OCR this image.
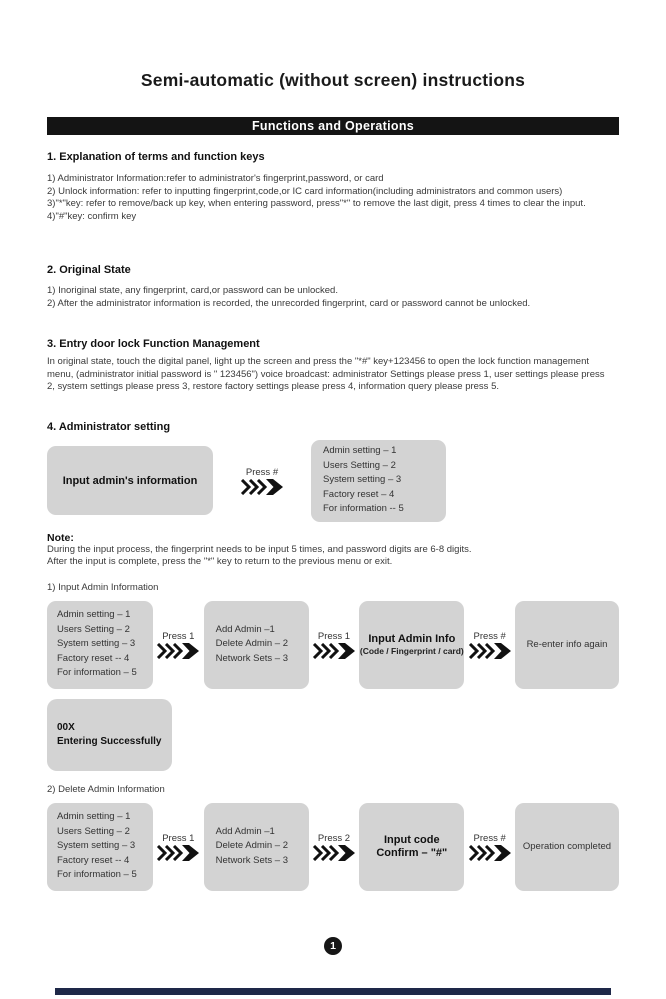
Semi-automatic (without screen) instructions
Functions and Operations
1. Explanation of terms and function keys
1) Administrator Information:refer to administrator's fingerprint,password, or card
2) Unlock information: refer to inputting fingerprint,code,or IC card information(including administrators and common users)
3)"*"key: refer to remove/back up key, when entering password, press"*" to remove the last digit, press 4 times to clear the input.
4)"#"key: confirm key
2. Original State
1) Inoriginal state, any fingerprint, card,or password can be unlocked.
2) After the administrator information is recorded, the unrecorded fingerprint, card or password cannot be unlocked.
3. Entry door lock Function Management
In original state, touch the digital panel, light up the screen and press the "*#" key+123456 to open the lock function management
menu, (administrator initial password is " 123456") voice broadcast: administrator Settings please press 1, user settings please press
2, system settings please press 3, restore factory settings please press 4, information query please press 5.
4. Administrator setting
Input admin's information
Press #
Admin setting – 1
Users Setting – 2
System setting – 3
Factory reset – 4
For information -- 5
Note:
During the input process, the fingerprint needs to be input 5 times, and password digits are 6-8 digits.
After the input is complete, press the "*" key to return to the previous menu or exit.
1) Input Admin Information
Admin setting – 1
Users Setting – 2
System setting – 3
Factory reset -- 4
For information – 5
Press 1
Add Admin –1
Delete Admin – 2
Network Sets – 3
Press 1 Input Admin Info
(Code / Fingerprint / card)
Press #
Re-enter info again
00X
Entering Successfully
2) Delete Admin Information
Admin setting – 1
Users Setting – 2
System setting – 3
Factory reset -- 4
For information – 5
Press 1
Add Admin –1
Delete Admin – 2
Network Sets – 3
Press 2	Input code
Confirm – "#"
Press #
Operation completed
1
